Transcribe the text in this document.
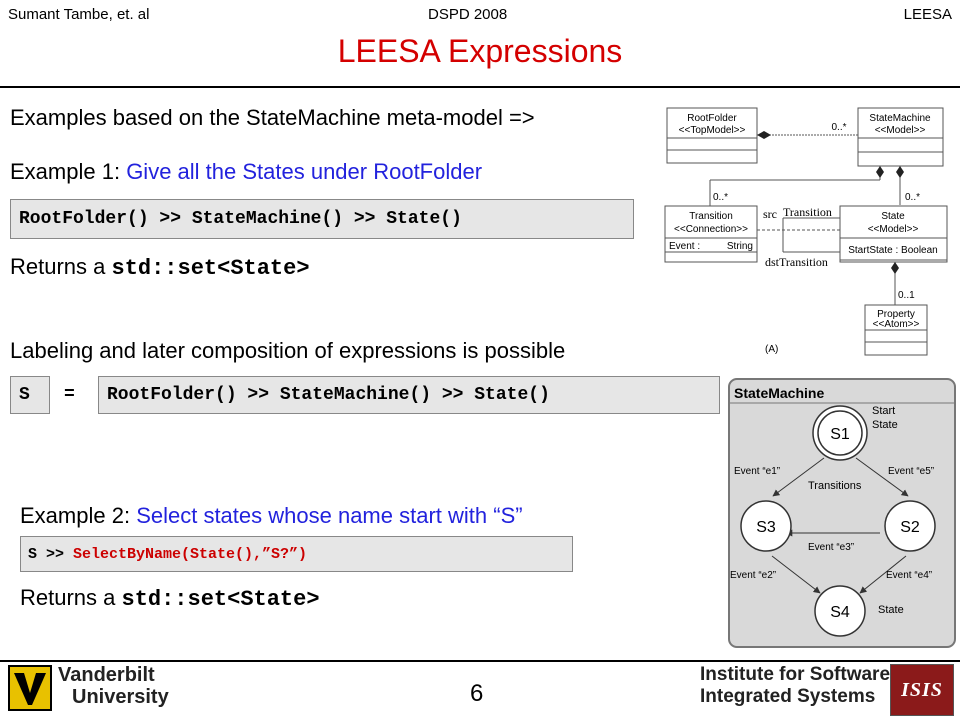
Sumant Tambe, et. al	DSPD 2008	LEESA
LEESA Expressions
Examples based on the StateMachine meta-model =>
Example 1: Give all the States under RootFolder
RootFolder() >> StateMachine() >> State()
Returns a std::set<State>
Labeling and later composition of expressions is possible
S	=	RootFolder() >> StateMachine() >> State()
Example 2: Select states whose name start with “S”
S >> SelectByName(State(),”S?”)
Returns a std::set<State>
RootFolder
<<TopModel>>
StateMachine
<<Model>>
0..*
0..*	0..*
Transition
<<Connection>>
Event :	String
State
<<Model>>
StartState : Boolean
src Transition
dstTransition
0..1
Property
<<Atom>>
(A)
StateMachine
Start
State
Transitions
State
Event “e1”	Event “e5”
Event “e3”
Event “e2”	Event “e4”
S1
S3	S2
S4
Vanderbilt
University	6
Institute for Software
Integrated Systems	ISIS
